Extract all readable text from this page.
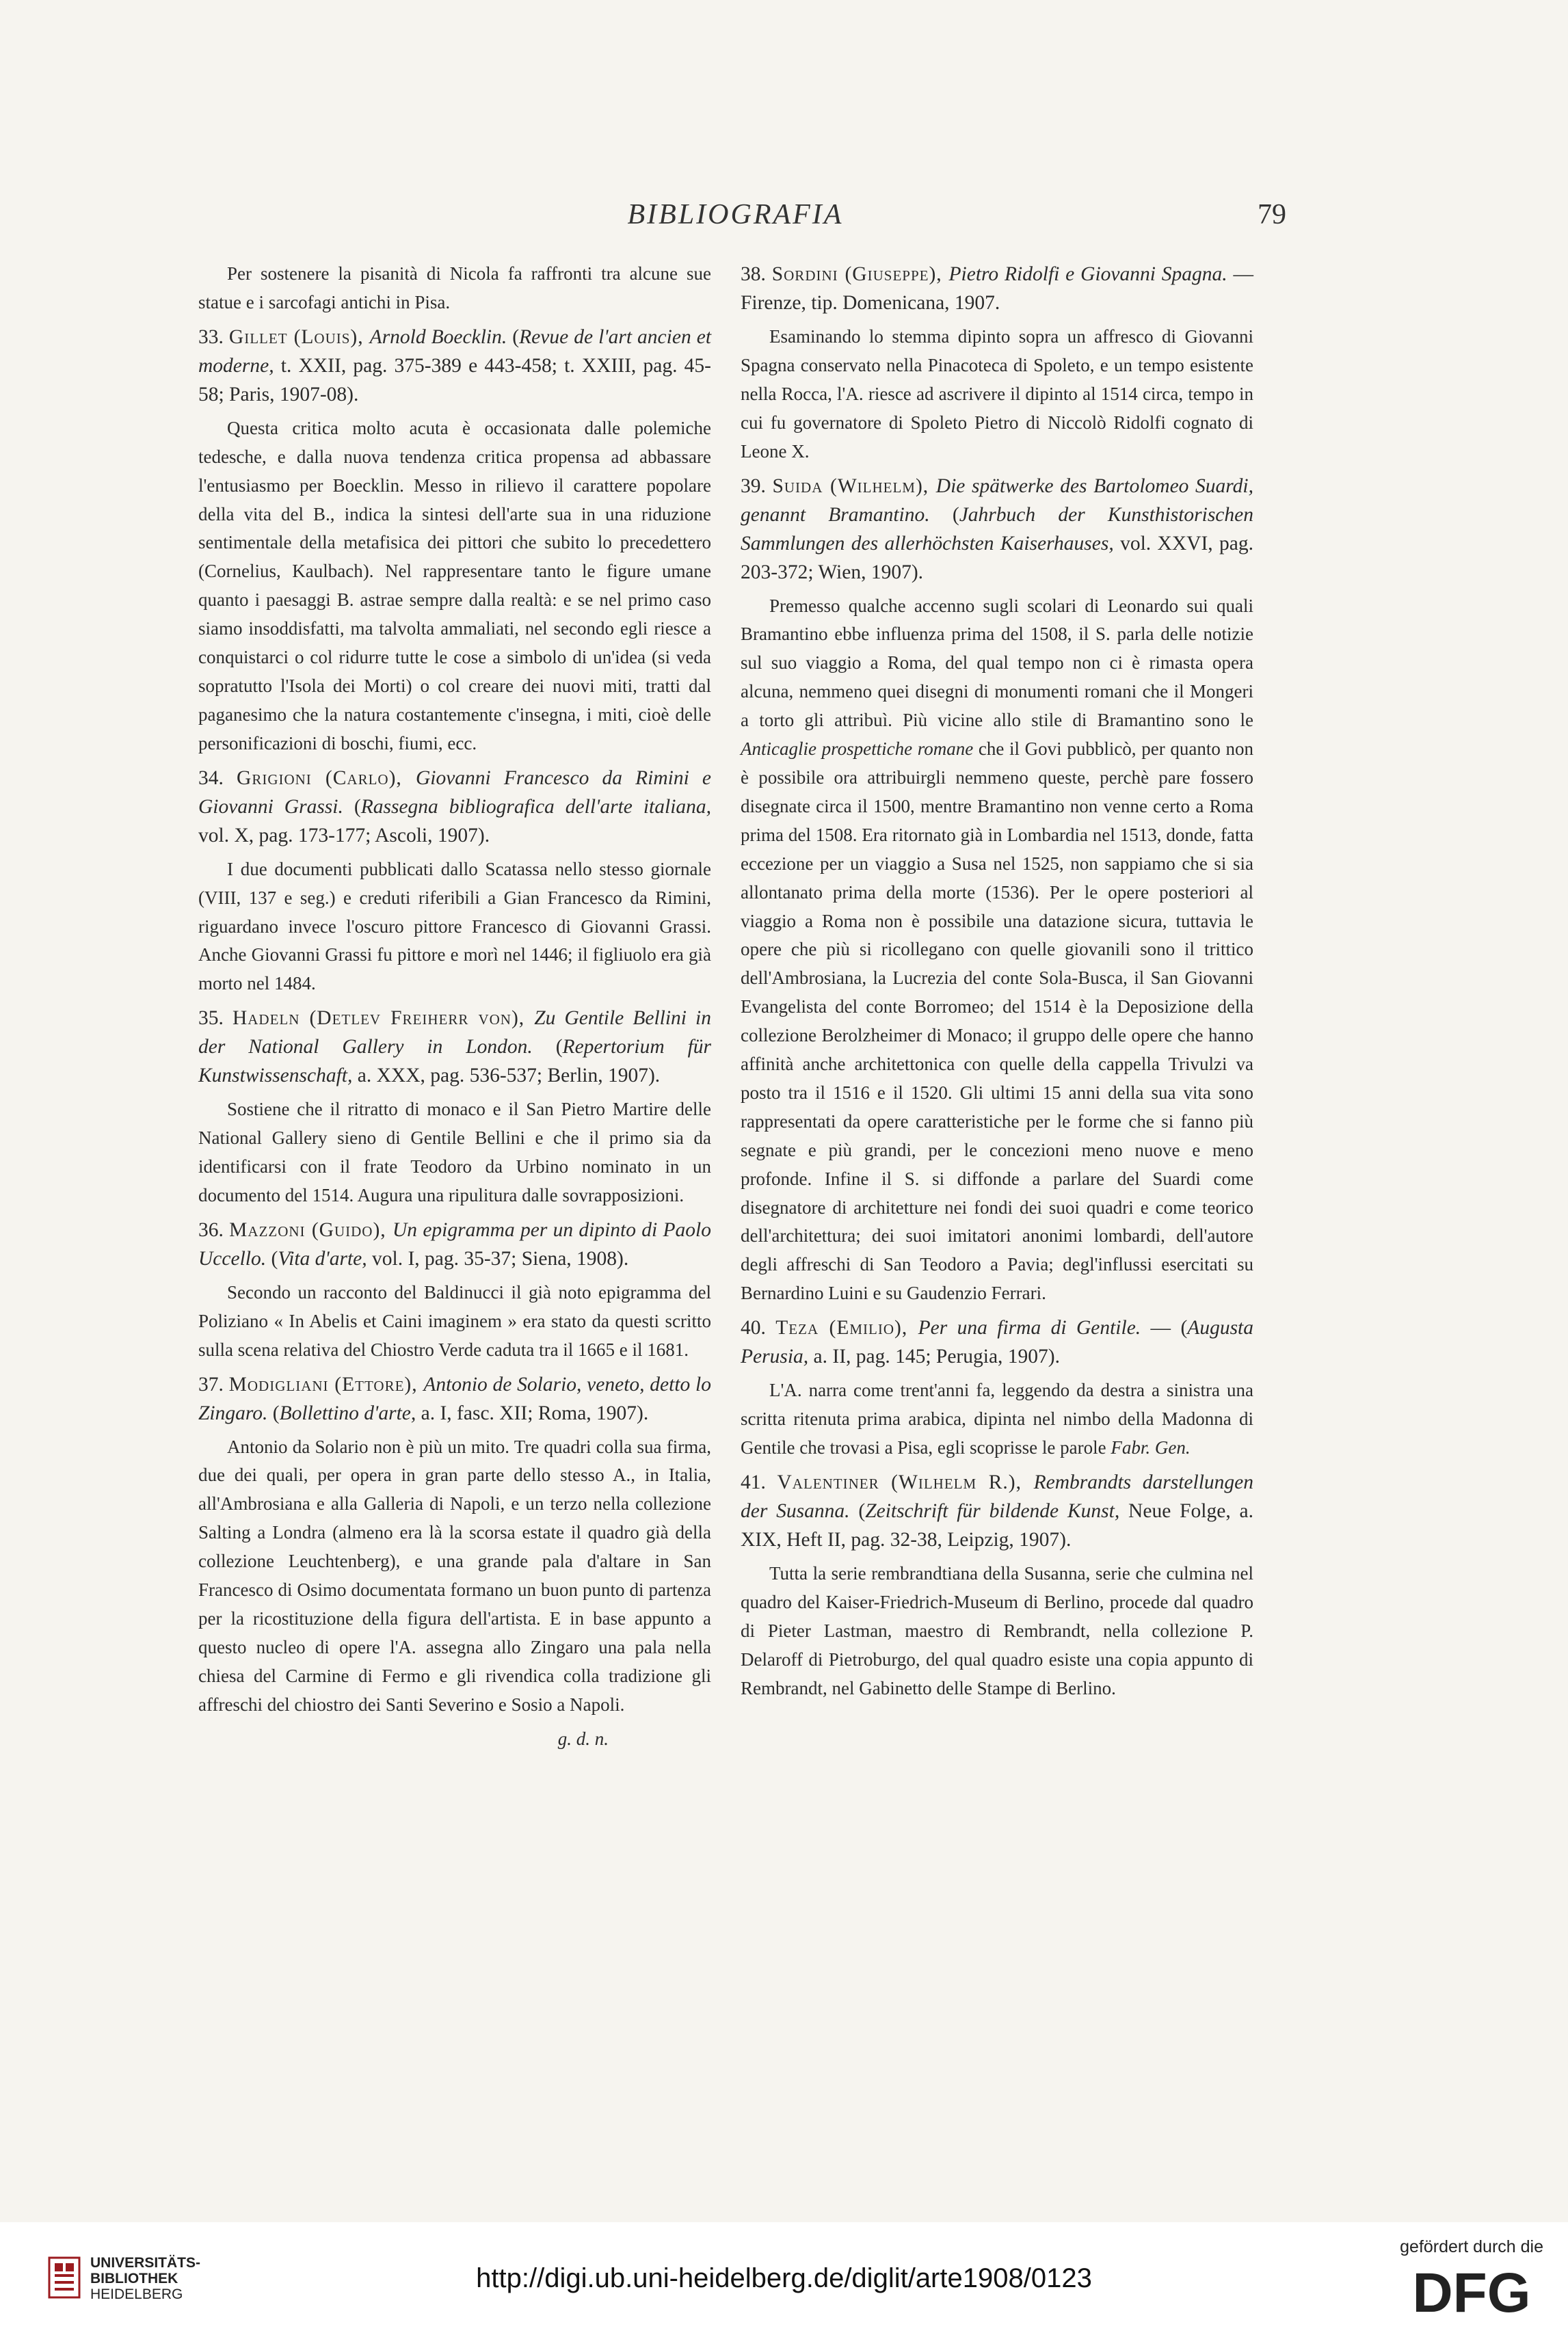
BIBLIOGRAFIA	79

Per sostenere la pisanità di Nicola fa raffronti tra alcune sue statue e i sarcofagi antichi in Pisa.

33. Gillet (Louis), Arnold Boecklin. (Revue de l'art ancien et moderne, t. XXII, pag. 375-389 e 443-458; t. XXIII, pag. 45-58; Paris, 1907-08).

Questa critica molto acuta è occasionata dalle polemiche tedesche, e dalla nuova tendenza critica propensa ad abbassare l'entusiasmo per Boecklin. Messo in rilievo il carattere popolare della vita del B., indica la sintesi dell'arte sua in una riduzione sentimentale della metafisica dei pittori che subito lo precedettero (Cornelius, Kaulbach). Nel rappresentare tanto le figure umane quanto i paesaggi B. astrae sempre dalla realtà: e se nel primo caso siamo insoddisfatti, ma talvolta ammaliati, nel secondo egli riesce a conquistarci o col ridurre tutte le cose a simbolo di un'idea (si veda sopratutto l'Isola dei Morti) o col creare dei nuovi miti, tratti dal paganesimo che la natura costantemente c'insegna, i miti, cioè delle personificazioni di boschi, fiumi, ecc.

34. Grigioni (Carlo), Giovanni Francesco da Rimini e Giovanni Grassi. (Rassegna bibliografica dell'arte italiana, vol. X, pag. 173-177; Ascoli, 1907).

I due documenti pubblicati dallo Scatassa nello stesso giornale (VIII, 137 e seg.) e creduti riferibili a Gian Francesco da Rimini, riguardano invece l'oscuro pittore Francesco di Giovanni Grassi. Anche Giovanni Grassi fu pittore e morì nel 1446; il figliuolo era già morto nel 1484.

35. Hadeln (Detlev Freiherr von), Zu Gentile Bellini in der National Gallery in London. (Repertorium für Kunstwissenschaft, a. XXX, pag. 536-537; Berlin, 1907).

Sostiene che il ritratto di monaco e il San Pietro Martire delle National Gallery sieno di Gentile Bellini e che il primo sia da identificarsi con il frate Teodoro da Urbino nominato in un documento del 1514. Augura una ripulitura dalle sovrapposizioni.

36. Mazzoni (Guido), Un epigramma per un dipinto di Paolo Uccello. (Vita d'arte, vol. I, pag. 35-37; Siena, 1908).

Secondo un racconto del Baldinucci il già noto epigramma del Poliziano « In Abelis et Caini imaginem » era stato da questi scritto sulla scena relativa del Chiostro Verde caduta tra il 1665 e il 1681.

37. Modigliani (Ettore), Antonio de Solario, veneto, detto lo Zingaro. (Bollettino d'arte, a. I, fasc. XII; Roma, 1907).

Antonio da Solario non è più un mito. Tre quadri colla sua firma, due dei quali, per opera in gran parte dello stesso A., in Italia, all'Ambrosiana e alla Galleria di Napoli, e un terzo nella collezione Salting a Londra (almeno era là la scorsa estate il quadro già della collezione Leuchtenberg), e una grande pala d'altare in San Francesco di Osimo documentata formano un buon punto di partenza per la ricostituzione della figura dell'artista. E in base appunto a questo nucleo di opere l'A. assegna allo Zingaro una pala nella chiesa del Carmine di Fermo e gli rivendica colla tradizione gli affreschi del chiostro dei Santi Severino e Sosio a Napoli.

g. d. n.

38. Sordini (Giuseppe), Pietro Ridolfi e Giovanni Spagna. — Firenze, tip. Domenicana, 1907.

Esaminando lo stemma dipinto sopra un affresco di Giovanni Spagna conservato nella Pinacoteca di Spoleto, e un tempo esistente nella Rocca, l'A. riesce ad ascrivere il dipinto al 1514 circa, tempo in cui fu governatore di Spoleto Pietro di Niccolò Ridolfi cognato di Leone X.

39. Suida (Wilhelm), Die spätwerke des Bartolomeo Suardi, genannt Bramantino. (Jahrbuch der Kunsthistorischen Sammlungen des allerhöchsten Kaiserhauses, vol. XXVI, pag. 203-372; Wien, 1907).

Premesso qualche accenno sugli scolari di Leonardo sui quali Bramantino ebbe influenza prima del 1508, il S. parla delle notizie sul suo viaggio a Roma, del qual tempo non ci è rimasta opera alcuna, nemmeno quei disegni di monumenti romani che il Mongeri a torto gli attribuì. Più vicine allo stile di Bramantino sono le Anticaglie prospettiche romane che il Govi pubblicò, per quanto non è possibile ora attribuirgli nemmeno queste, perchè pare fossero disegnate circa il 1500, mentre Bramantino non venne certo a Roma prima del 1508. Era ritornato già in Lombardia nel 1513, donde, fatta eccezione per un viaggio a Susa nel 1525, non sappiamo che si sia allontanato prima della morte (1536). Per le opere posteriori al viaggio a Roma non è possibile una datazione sicura, tuttavia le opere che più si ricollegano con quelle giovanili sono il trittico dell'Ambrosiana, la Lucrezia del conte Sola-Busca, il San Giovanni Evangelista del conte Borromeo; del 1514 è la Deposizione della collezione Berolzheimer di Monaco; il gruppo delle opere che hanno affinità anche architettonica con quelle della cappella Trivulzi va posto tra il 1516 e il 1520. Gli ultimi 15 anni della sua vita sono rappresentati da opere caratteristiche per le forme che si fanno più segnate e più grandi, per le concezioni meno nuove e meno profonde. Infine il S. si diffonde a parlare del Suardi come disegnatore di architetture nei fondi dei suoi quadri e come teorico dell'architettura; dei suoi imitatori anonimi lombardi, dell'autore degli affreschi di San Teodoro a Pavia; degl'influssi esercitati su Bernardino Luini e su Gaudenzio Ferrari.

40. Teza (Emilio), Per una firma di Gentile. — (Augusta Perusia, a. II, pag. 145; Perugia, 1907).

L'A. narra come trent'anni fa, leggendo da destra a sinistra una scritta ritenuta prima arabica, dipinta nel nimbo della Madonna di Gentile che trovasi a Pisa, egli scoprisse le parole Fabr. Gen.

41. Valentiner (Wilhelm R.), Rembrandts darstellungen der Susanna. (Zeitschrift für bildende Kunst, Neue Folge, a. XIX, Heft II, pag. 32-38, Leipzig, 1907).

Tutta la serie rembrandtiana della Susanna, serie che culmina nel quadro del Kaiser-Friedrich-Museum di Berlino, procede dal quadro di Pieter Lastman, maestro di Rembrandt, nella collezione P. Delaroff di Pietroburgo, del qual quadro esiste una copia appunto di Rembrandt, nel Gabinetto delle Stampe di Berlino.

UNIVERSITÄTS-
BIBLIOTHEK
HEIDELBERG
http://digi.ub.uni-heidelberg.de/diglit/arte1908/0123
gefördert durch die
DFG
